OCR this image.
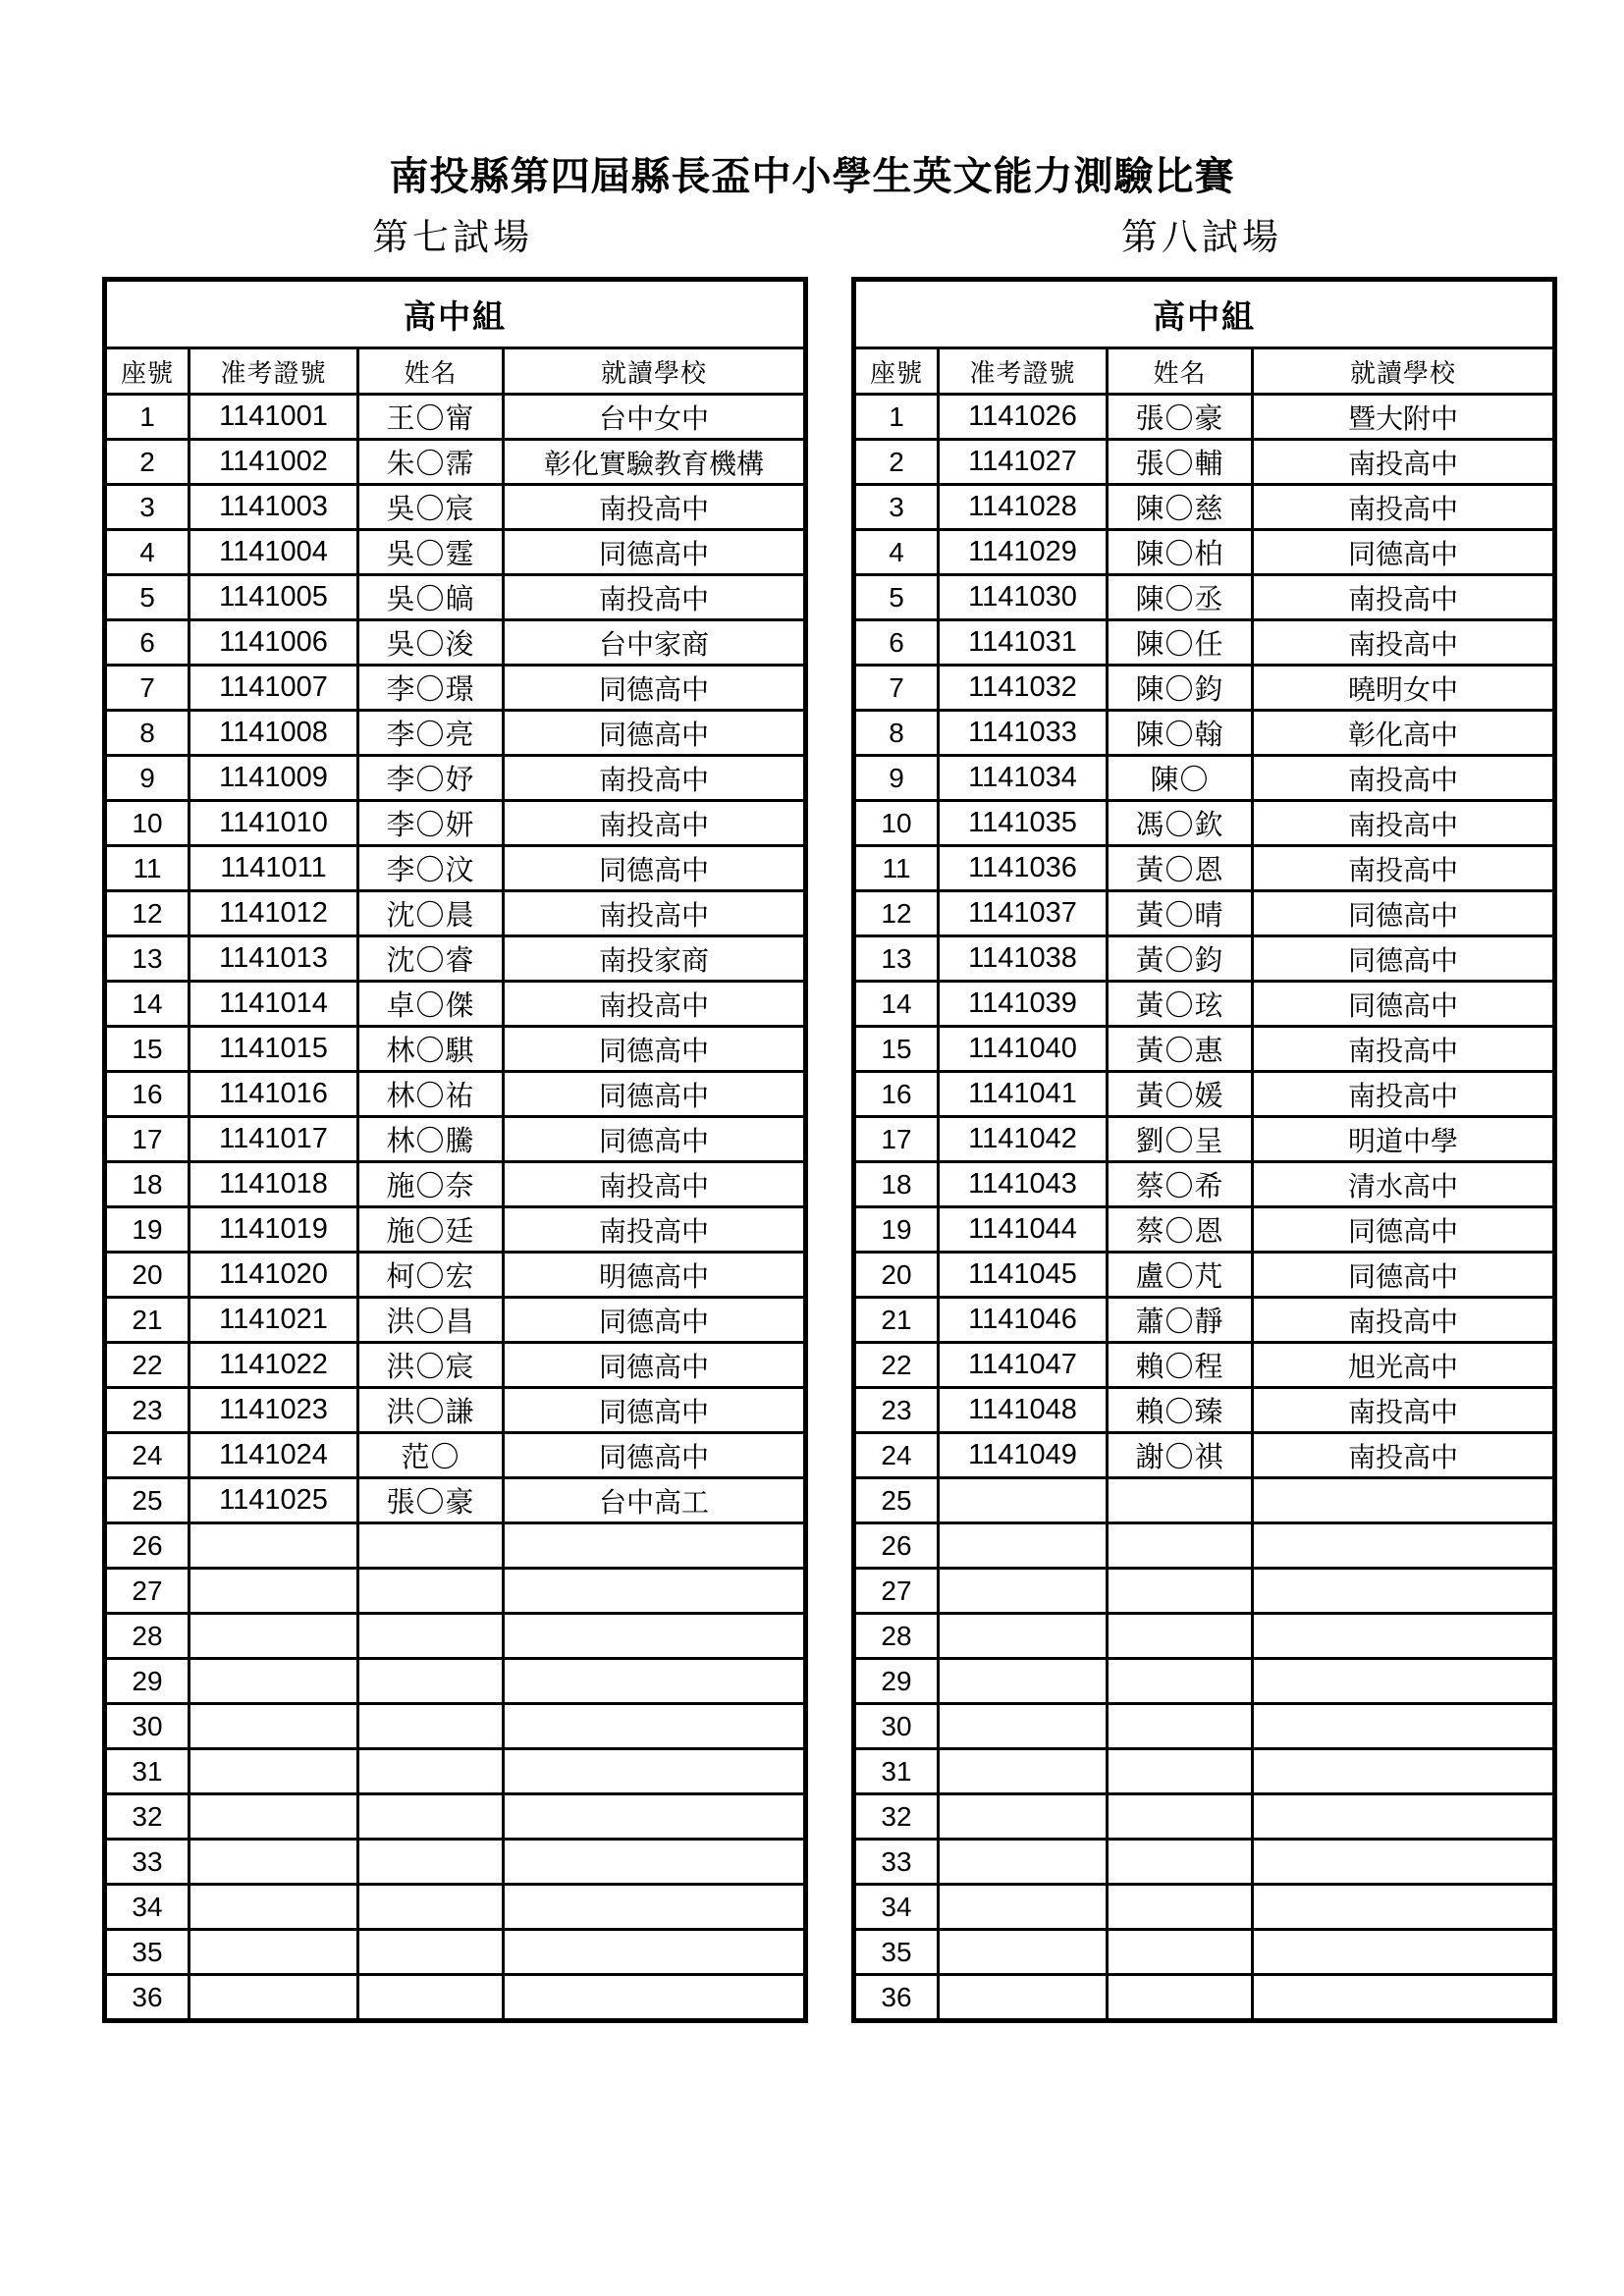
南投縣第四屆縣長盃中小學生英文能力測驗比賽
第七試場
高中組			
座號	准考證號	姓名	就讀學校
1	1141001	王〇甯	台中女中
2	1141002	朱〇霈	彰化實驗教育機構
3	1141003	吳〇宸	南投高中
4	1141004	吳〇霆	同德高中
5	1141005	吳〇皜	南投高中
6	1141006	吳〇浚	台中家商
7	1141007	李〇璟	同德高中
8	1141008	李〇亮	同德高中
9	1141009	李〇妤	南投高中
10	1141010	李〇妍	南投高中
11	1141011	李〇汶	同德高中
12	1141012	沈〇晨	南投高中
13	1141013	沈〇睿	南投家商
14	1141014	卓〇傑	南投高中
15	1141015	林〇騏	同德高中
16	1141016	林〇祐	同德高中
17	1141017	林〇騰	同德高中
18	1141018	施〇奈	南投高中
19	1141019	施〇廷	南投高中
20	1141020	柯〇宏	明德高中
21	1141021	洪〇昌	同德高中
22	1141022	洪〇宸	同德高中
23	1141023	洪〇謙	同德高中
24	1141024	范〇	同德高中
25	1141025	張〇豪	台中高工
26			
27			
28			
29			
30			
31			
32			
33			
34			
35			
36			
第八試場
高中組			
座號	准考證號	姓名	就讀學校
1	1141026	張〇豪	暨大附中
2	1141027	張〇輔	南投高中
3	1141028	陳〇慈	南投高中
4	1141029	陳〇柏	同德高中
5	1141030	陳〇丞	南投高中
6	1141031	陳〇任	南投高中
7	1141032	陳〇鈞	曉明女中
8	1141033	陳〇翰	彰化高中
9	1141034	陳〇	南投高中
10	1141035	馮〇欽	南投高中
11	1141036	黃〇恩	南投高中
12	1141037	黃〇晴	同德高中
13	1141038	黃〇鈞	同德高中
14	1141039	黃〇玹	同德高中
15	1141040	黃〇惠	南投高中
16	1141041	黃〇媛	南投高中
17	1141042	劉〇呈	明道中學
18	1141043	蔡〇希	清水高中
19	1141044	蔡〇恩	同德高中
20	1141045	盧〇芃	同德高中
21	1141046	蕭〇靜	南投高中
22	1141047	賴〇程	旭光高中
23	1141048	賴〇臻	南投高中
24	1141049	謝〇祺	南投高中
25			
26			
27			
28			
29			
30			
31			
32			
33			
34			
35			
36			
